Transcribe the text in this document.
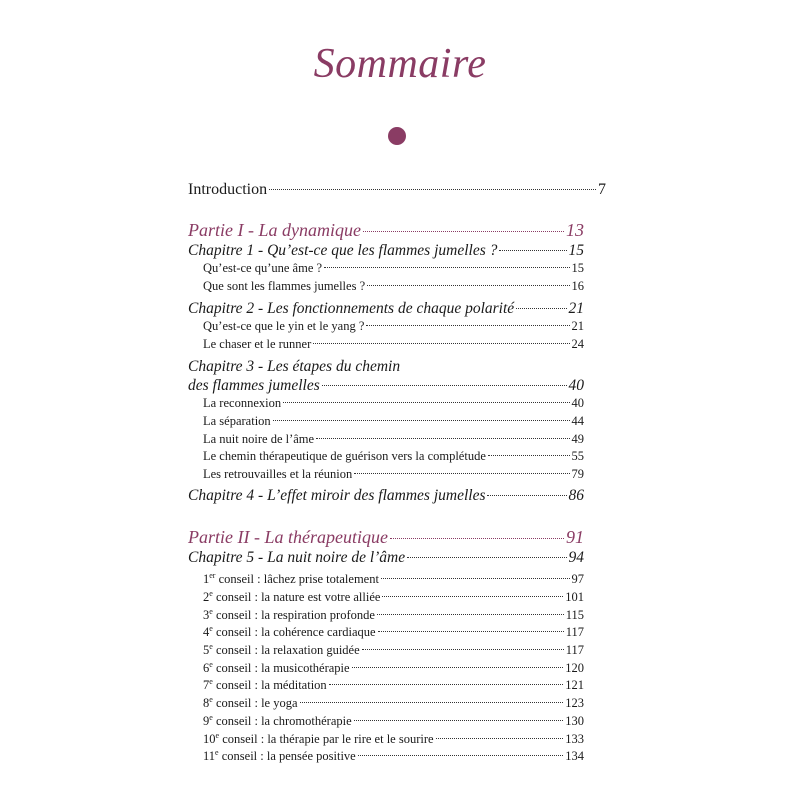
Sommaire
Introduction	7
Partie I - La dynamique	13
Chapitre 1 - Qu’est-ce que les flammes jumelles ?	15
Qu’est-ce qu’une âme ?	15
Que sont les flammes jumelles ?	16
Chapitre 2 - Les fonctionnements de chaque polarité	21
Qu’est-ce que le yin et le yang ?	21
Le chaser et le runner	24
Chapitre 3 - Les étapes du chemin
des flammes jumelles	40
La reconnexion	40
La séparation	44
La nuit noire de l’âme	49
Le chemin thérapeutique de guérison vers la complétude	55
Les retrouvailles et la réunion	79
Chapitre 4 - L’effet miroir des flammes jumelles	86
Partie II - La thérapeutique	91
Chapitre 5 - La nuit noire de l’âme	94
1er conseil : lâchez prise totalement	97
2e conseil : la nature est votre alliée	101
3e conseil : la respiration profonde	115
4e conseil : la cohérence cardiaque	117
5e conseil : la relaxation guidée	117
6e conseil : la musicothérapie	120
7e conseil : la méditation	121
8e conseil : le yoga	123
9e conseil : la chromothérapie	130
10e conseil : la thérapie par le rire et le sourire	133
11e conseil : la pensée positive	134
